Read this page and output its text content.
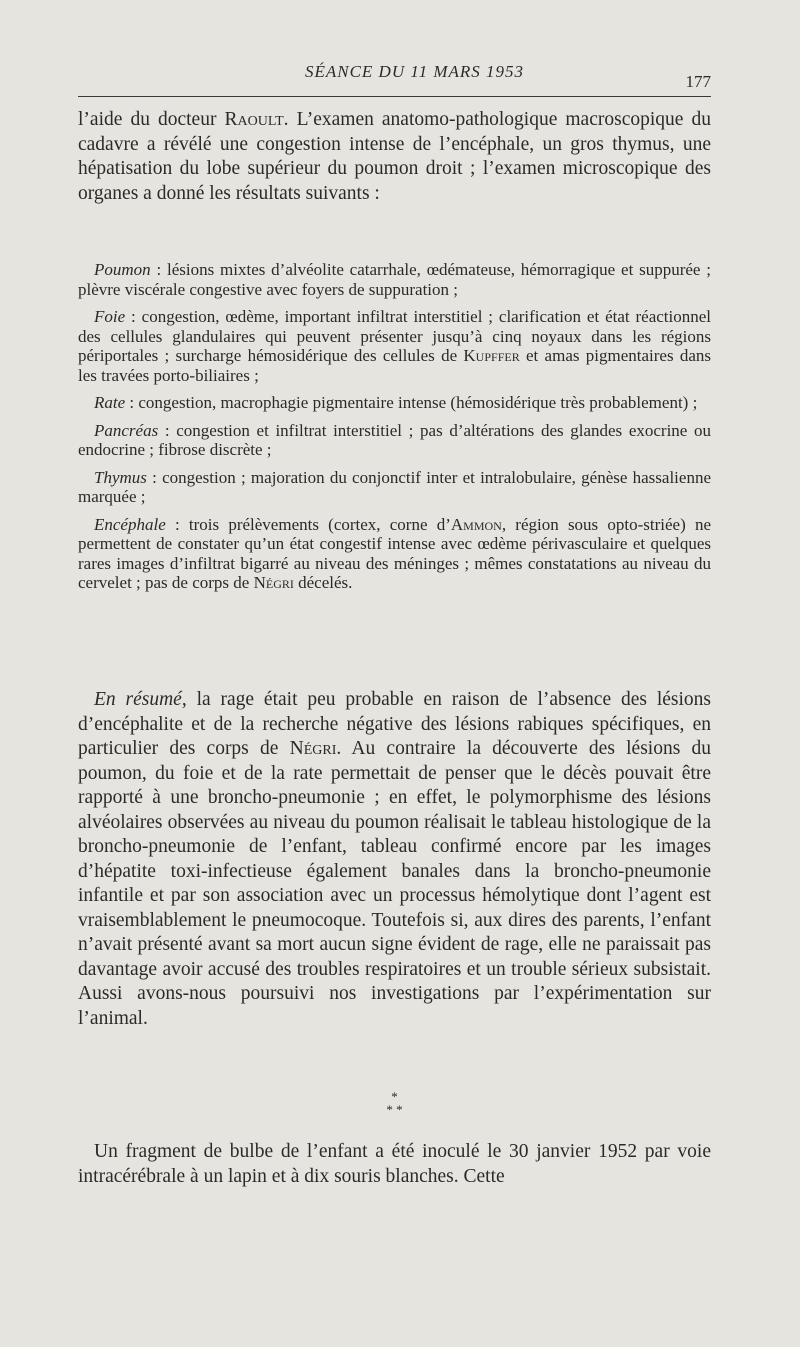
SÉANCE DU 11 MARS 1953
177

l’aide du docteur Raoult. L’examen anatomo-pathologique macroscopique du cadavre a révélé une congestion intense de l’encéphale, un gros thymus, une hépatisation du lobe supérieur du poumon droit ; l’examen microscopique des organes a donné les résultats suivants :

Poumon : lésions mixtes d’alvéolite catarrhale, œdémateuse, hémorragique et suppurée ; plèvre viscérale congestive avec foyers de suppuration ;

Foie : congestion, œdème, important infiltrat interstitiel ; clarification et état réactionnel des cellules glandulaires qui peuvent présenter jusqu’à cinq noyaux dans les régions périportales ; surcharge hémosidérique des cellules de Kupffer et amas pigmentaires dans les travées porto-biliaires ;

Rate : congestion, macrophagie pigmentaire intense (hémosidérique très probablement) ;

Pancréas : congestion et infiltrat interstitiel ; pas d’altérations des glandes exocrine ou endocrine ; fibrose discrète ;

Thymus : congestion ; majoration du conjonctif inter et intralobulaire, génèse hassalienne marquée ;

Encéphale : trois prélèvements (cortex, corne d’Ammon, région sous opto-striée) ne permettent de constater qu’un état congestif intense avec œdème périvasculaire et quelques rares images d’infiltrat bigarré au niveau des méninges ; mêmes constatations au niveau du cervelet ; pas de corps de Négri décelés.

En résumé, la rage était peu probable en raison de l’absence des lésions d’encéphalite et de la recherche négative des lésions rabiques spécifiques, en particulier des corps de Négri. Au contraire la découverte des lésions du poumon, du foie et de la rate permettait de penser que le décès pouvait être rapporté à une broncho-pneumonie ; en effet, le polymorphisme des lésions alvéolaires observées au niveau du poumon réalisait le tableau histologique de la broncho-pneumonie de l’enfant, tableau confirmé encore par les images d’hépatite toxi-infectieuse également banales dans la broncho-pneumonie infantile et par son association avec un processus hémolytique dont l’agent est vraisemblablement le pneumocoque. Toutefois si, aux dires des parents, l’enfant n’avait présenté avant sa mort aucun signe évident de rage, elle ne paraissait pas davantage avoir accusé des troubles respiratoires et un trouble sérieux subsistait. Aussi avons-nous poursuivi nos investigations par l’expérimentation sur l’animal.

*
* *

Un fragment de bulbe de l’enfant a été inoculé le 30 janvier 1952 par voie intracérébrale à un lapin et à dix souris blanches. Cette
